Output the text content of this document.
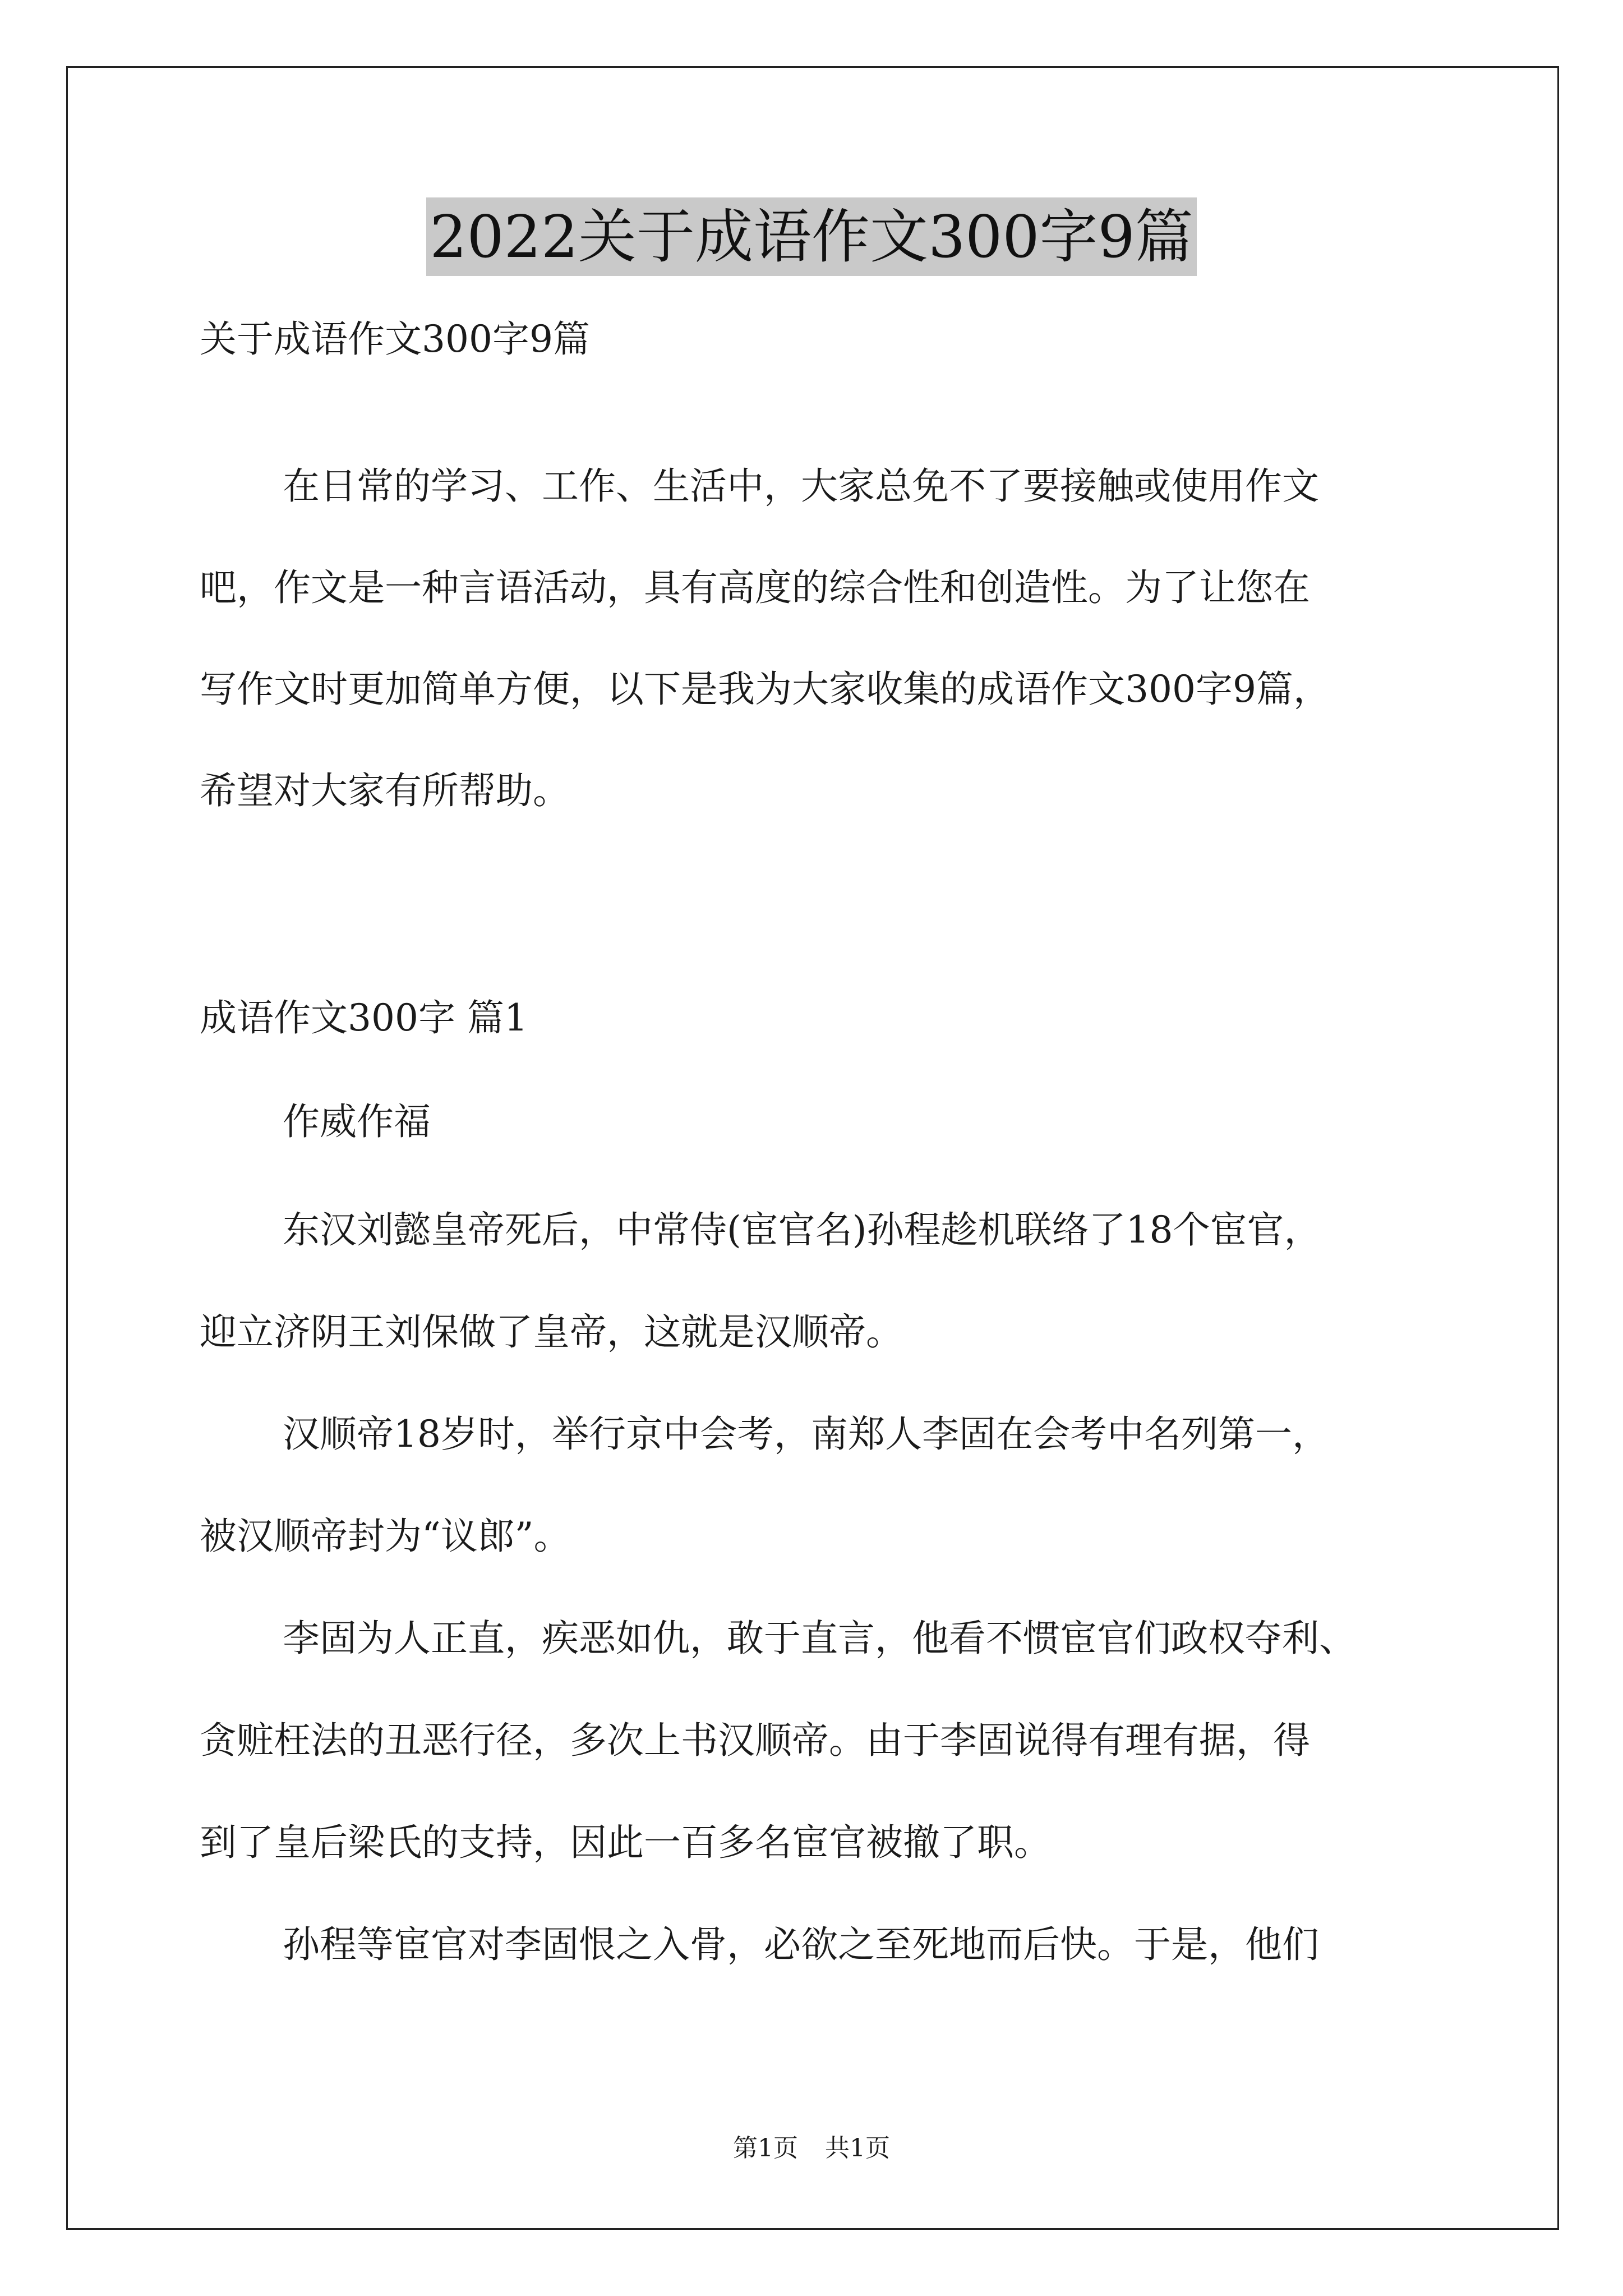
2022关于成语作文300字9篇
关于成语作文300字9篇
在日常的学习、工作、生活中，大家总免不了要接触或使用作文
吧，作文是一种言语活动，具有高度的综合性和创造性。为了让您在
写作文时更加简单方便，以下是我为大家收集的成语作文300字9篇，
希望对大家有所帮助。
成语作文300字 篇1
作威作福
东汉刘懿皇帝死后，中常侍(宦官名)孙程趁机联络了18个宦官，
迎立济阴王刘保做了皇帝，这就是汉顺帝。
汉顺帝18岁时，举行京中会考，南郑人李固在会考中名列第一，
被汉顺帝封为“议郎”。
李固为人正直，疾恶如仇，敢于直言，他看不惯宦官们政权夺利、
贪赃枉法的丑恶行径，多次上书汉顺帝。由于李固说得有理有据，得
到了皇后梁氏的支持，因此一百多名宦官被撤了职。
孙程等宦官对李固恨之入骨，必欲之至死地而后快。于是，他们
第1页 共1页
